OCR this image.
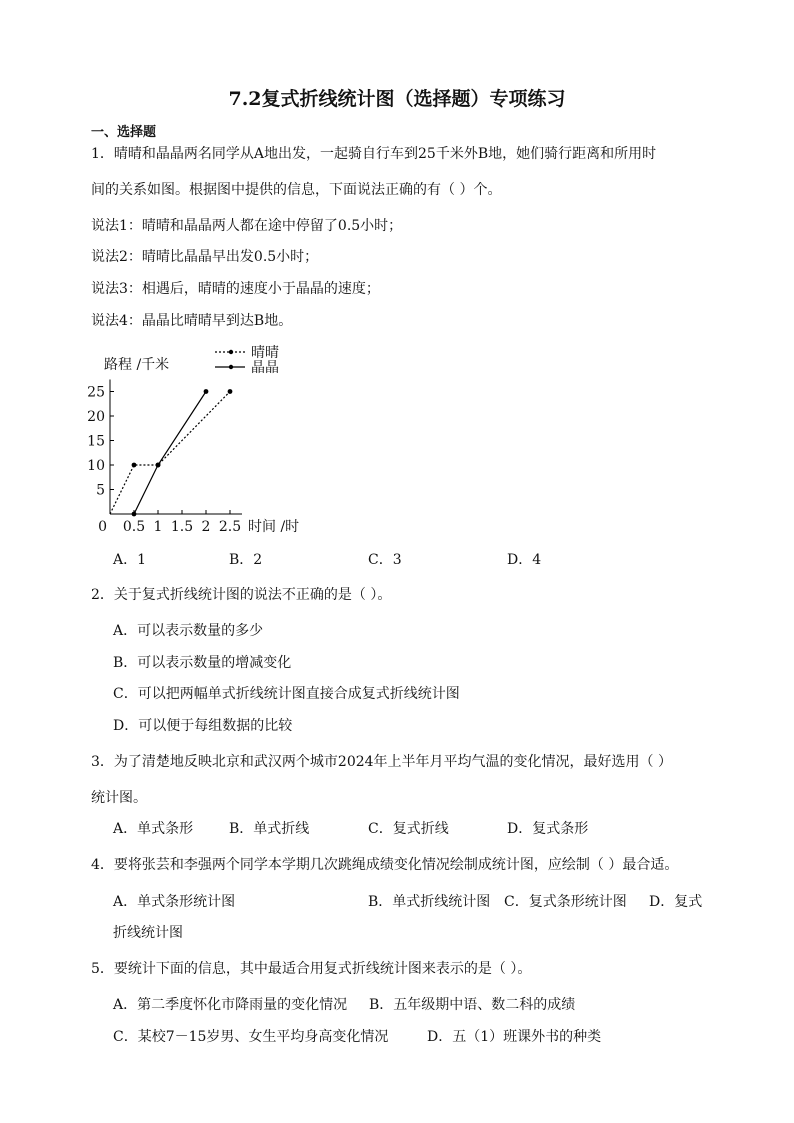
7.2复式折线统计图（选择题）专项练习
一、选择题
1．晴晴和晶晶两名同学从A地出发，一起骑自行车到25千米外B地，她们骑行距离和所用时
间的关系如图。根据图中提供的信息，下面说法正确的有（ ）个。
说法1：晴晴和晶晶两人都在途中停留了0.5小时；
说法2：晴晴比晶晶早出发0.5小时；
说法3：相遇后，晴晴的速度小于晶晶的速度；
说法4：晶晶比晴晴早到达B地。
0 0.5 1 1.5 2 2.5
5
10
15
20
25
路程 /千米
时间 /时
晴晴
晶晶
A．1	B．2	C．3	D．4
2．关于复式折线统计图的说法不正确的是（ ）。
A．可以表示数量的多少
B．可以表示数量的增减变化
C．可以把两幅单式折线统计图直接合成复式折线统计图
D．可以便于每组数据的比较
3．为了清楚地反映北京和武汉两个城市2024年上半年月平均气温的变化情况，最好选用（ ）
统计图。
A．单式条形	B．单式折线	C．复式折线	D．复式条形
4．要将张芸和李强两个同学本学期几次跳绳成绩变化情况绘制成统计图，应绘制（ ）最合适。
A．单式条形统计图	B．单式折线统计图 C．复式条形统计图 D．复式
折线统计图
5．要统计下面的信息，其中最适合用复式折线统计图来表示的是（ ）。
A．第二季度怀化市降雨量的变化情况 B．五年级期中语、数二科的成绩
C．某校7－15岁男、女生平均身高变化情况	D．五（1）班课外书的种类
